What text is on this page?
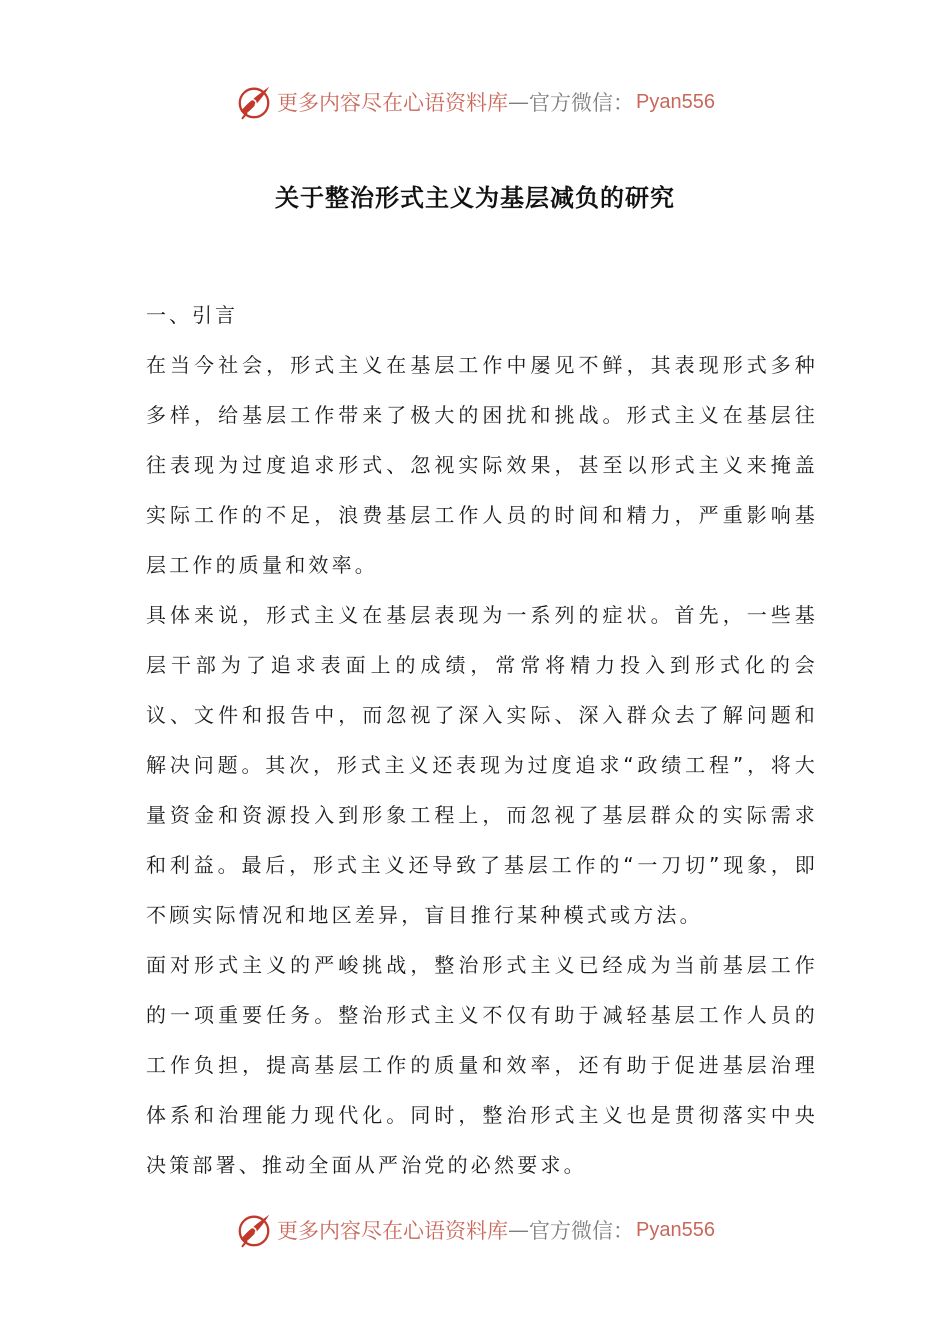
更多内容尽在心语资料库 — 官方微信： Pyan556
关于整治形式主义为基层减负的研究

一、引言

在当今社会，形式主义在基层工作中屡见不鲜，其表现形式多种多样，给基层工作带来了极大的困扰和挑战。形式主义在基层往往表现为过度追求形式、忽视实际效果，甚至以形式主义来掩盖实际工作的不足，浪费基层工作人员的时间和精力，严重影响基层工作的质量和效率。

具体来说，形式主义在基层表现为一系列的症状。首先，一些基层干部为了追求表面上的成绩，常常将精力投入到形式化的会议、文件和报告中，而忽视了深入实际、深入群众去了解问题和解决问题。其次，形式主义还表现为过度追求“政绩工程”，将大量资金和资源投入到形象工程上，而忽视了基层群众的实际需求和利益。最后，形式主义还导致了基层工作的“一刀切”现象，即不顾实际情况和地区差异，盲目推行某种模式或方法。

面对形式主义的严峻挑战，整治形式主义已经成为当前基层工作的一项重要任务。整治形式主义不仅有助于减轻基层工作人员的工作负担，提高基层工作的质量和效率，还有助于促进基层治理体系和治理能力现代化。同时，整治形式主义也是贯彻落实中央决策部署、推动全面从严治党的必然要求。

更多内容尽在心语资料库 — 官方微信： Pyan556
